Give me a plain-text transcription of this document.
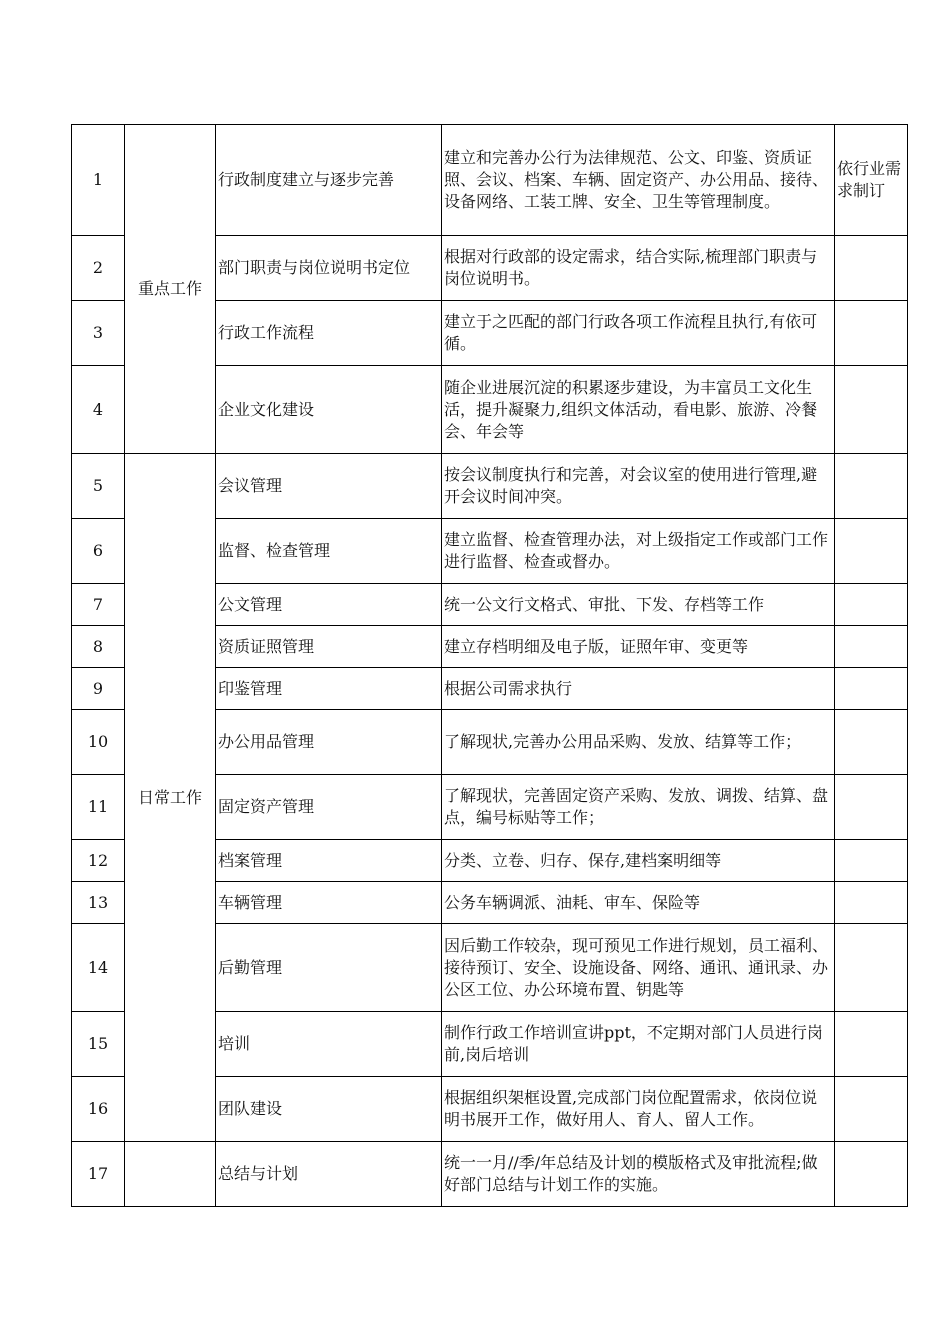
1	重点工作	行政制度建立与逐步完善	建立和完善办公行为法律规范、公文、印鉴、资质证照、会议、档案、车辆、固定资产、办公用品、接待、设备网络、工装工牌、安全、卫生等管理制度。	依行业需求制订
2		部门职责与岗位说明书定位	根据对行政部的设定需求，结合实际,梳理部门职责与岗位说明书。	
3		行政工作流程	建立于之匹配的部门行政各项工作流程且执行,有依可循。	
4		企业文化建设	随企业进展沉淀的积累逐步建设，为丰富员工文化生活，提升凝聚力,组织文体活动，看电影、旅游、冷餐会、年会等	
5	日常工作	会议管理	按会议制度执行和完善，对会议室的使用进行管理,避开会议时间冲突。	
6		监督、检查管理	建立监督、检查管理办法，对上级指定工作或部门工作进行监督、检查或督办。	
7		公文管理	统一公文行文格式、审批、下发、存档等工作	
8		资质证照管理	建立存档明细及电子版，证照年审、变更等	
9		印鉴管理	根据公司需求执行	
10		办公用品管理	了解现状,完善办公用品采购、发放、结算等工作；	
11		固定资产管理	了解现状，完善固定资产采购、发放、调拨、结算、盘点，编号标贴等工作；	
12		档案管理	分类、立卷、归存、保存,建档案明细等	
13		车辆管理	公务车辆调派、油耗、审车、保险等	
14		后勤管理	因后勤工作较杂，现可预见工作进行规划，员工福利、接待预订、安全、设施设备、网络、通讯、通讯录、办公区工位、办公环境布置、钥匙等	
15		培训	制作行政工作培训宣讲ppt，不定期对部门人员进行岗前,岗后培训	
16		团队建设	根据组织架框设置,完成部门岗位配置需求，依岗位说明书展开工作，做好用人、育人、留人工作。	
17		总结与计划	统一一月//季/年总结及计划的模版格式及审批流程;做好部门总结与计划工作的实施。	
